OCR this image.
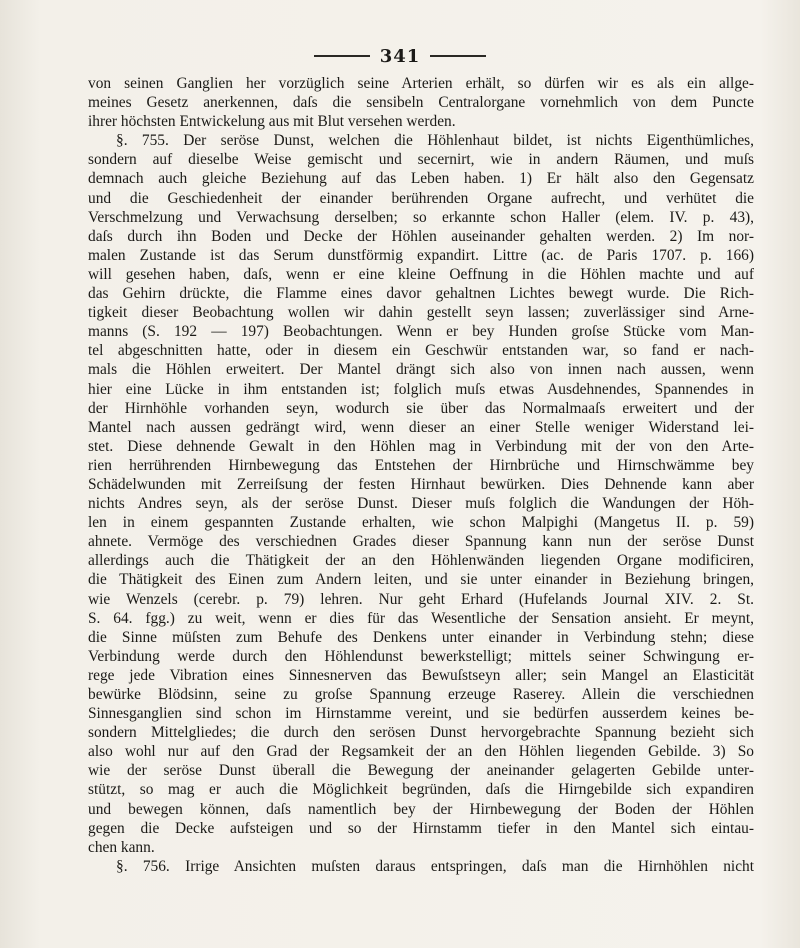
341
von seinen Ganglien her vorzüglich seine Arterien erhält, so dürfen wir es als ein allge-
meines Gesetz anerkennen, daſs die sensibeln Centralorgane vornehmlich von dem Puncte
ihrer höchsten Entwickelung aus mit Blut versehen werden.
§. 755. Der seröse Dunst, welchen die Höhlenhaut bildet, ist nichts Eigenthümliches,
sondern auf dieselbe Weise gemischt und secernirt, wie in andern Räumen, und muſs
demnach auch gleiche Beziehung auf das Leben haben. 1) Er hält also den Gegensatz
und die Geschiedenheit der einander berührenden Organe aufrecht, und verhütet die
Verschmelzung und Verwachsung derselben; so erkannte schon Haller (elem. IV. p. 43),
daſs durch ihn Boden und Decke der Höhlen auseinander gehalten werden. 2) Im nor-
malen Zustande ist das Serum dunstförmig expandirt. Littre (ac. de Paris 1707. p. 166)
will gesehen haben, daſs, wenn er eine kleine Oeffnung in die Höhlen machte und auf
das Gehirn drückte, die Flamme eines davor gehaltnen Lichtes bewegt wurde. Die Rich-
tigkeit dieser Beobachtung wollen wir dahin gestellt seyn lassen; zuverlässiger sind Arne-
manns (S. 192 — 197) Beobachtungen. Wenn er bey Hunden groſse Stücke vom Man-
tel abgeschnitten hatte, oder in diesem ein Geschwür entstanden war, so fand er nach-
mals die Höhlen erweitert. Der Mantel drängt sich also von innen nach aussen, wenn
hier eine Lücke in ihm entstanden ist; folglich muſs etwas Ausdehnendes, Spannendes in
der Hirnhöhle vorhanden seyn, wodurch sie über das Normalmaaſs erweitert und der
Mantel nach aussen gedrängt wird, wenn dieser an einer Stelle weniger Widerstand lei-
stet. Diese dehnende Gewalt in den Höhlen mag in Verbindung mit der von den Arte-
rien herrührenden Hirnbewegung das Entstehen der Hirnbrüche und Hirnschwämme bey
Schädelwunden mit Zerreiſsung der festen Hirnhaut bewürken. Dies Dehnende kann aber
nichts Andres seyn, als der seröse Dunst. Dieser muſs folglich die Wandungen der Höh-
len in einem gespannten Zustande erhalten, wie schon Malpighi (Mangetus II. p. 59)
ahnete. Vermöge des verschiednen Grades dieser Spannung kann nun der seröse Dunst
allerdings auch die Thätigkeit der an den Höhlenwänden liegenden Organe modificiren,
die Thätigkeit des Einen zum Andern leiten, und sie unter einander in Beziehung bringen,
wie Wenzels (cerebr. p. 79) lehren. Nur geht Erhard (Hufelands Journal XIV. 2. St.
S. 64. fgg.) zu weit, wenn er dies für das Wesentliche der Sensation ansieht. Er meynt,
die Sinne müſsten zum Behufe des Denkens unter einander in Verbindung stehn; diese
Verbindung werde durch den Höhlendunst bewerkstelligt; mittels seiner Schwingung er-
rege jede Vibration eines Sinnesnerven das Bewuſstseyn aller; sein Mangel an Elasticität
bewürke Blödsinn, seine zu groſse Spannung erzeuge Raserey. Allein die verschiednen
Sinnesganglien sind schon im Hirnstamme vereint, und sie bedürfen ausserdem keines be-
sondern Mittelgliedes; die durch den serösen Dunst hervorgebrachte Spannung bezieht sich
also wohl nur auf den Grad der Regsamkeit der an den Höhlen liegenden Gebilde. 3) So
wie der seröse Dunst überall die Bewegung der aneinander gelagerten Gebilde unter-
stützt, so mag er auch die Möglichkeit begründen, daſs die Hirngebilde sich expandiren
und bewegen können, daſs namentlich bey der Hirnbewegung der Boden der Höhlen
gegen die Decke aufsteigen und so der Hirnstamm tiefer in den Mantel sich eintau-
chen kann.
§. 756. Irrige Ansichten muſsten daraus entspringen, daſs man die Hirnhöhlen nicht
